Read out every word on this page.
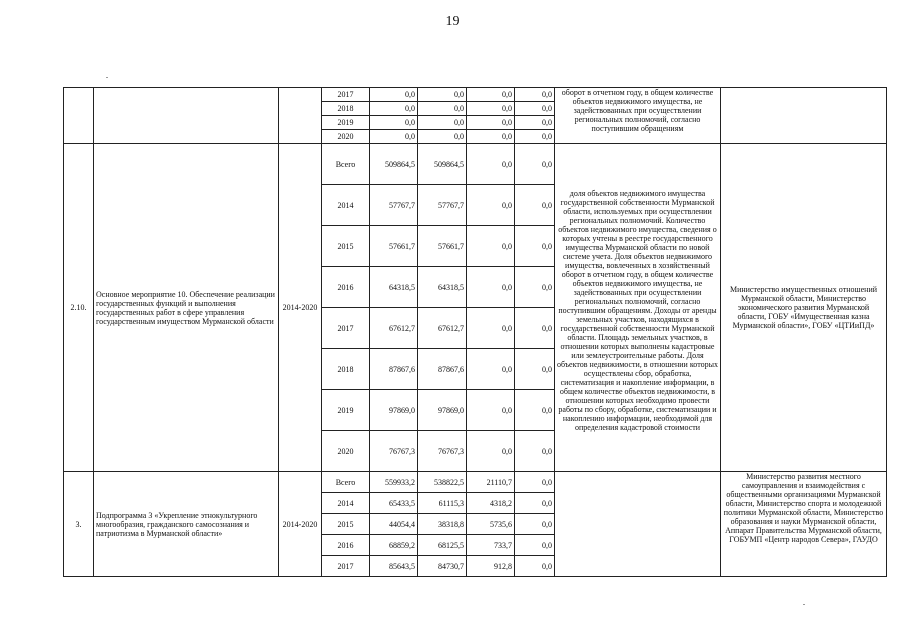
19
			2017	0,0	0,0	0,0	0,0	оборот в отчетном году, в общем количестве объектов недвижимого имущества, не задействованных при осуществлении региональных полномочий, согласно поступившим обращениям	
			2018	0,0	0,0	0,0	0,0		
			2019	0,0	0,0	0,0	0,0		
			2020	0,0	0,0	0,0	0,0		
2.10.	Основное мероприятие 10. Обеспечение реализации государственных функций и выполнения государственных работ в сфере управления государственным имуществом Мурманской области	2014-2020	Всего	509864,5	509864,5	0,0	0,0	доля объектов недвижимого имущества государственной собственности Мурманской области, используемых при осуществлении региональных полномочий. Количество объектов недвижимого имущества, сведения о которых учтены в реестре государственного имущества Мурманской области по новой системе учета. Доля объектов недвижимого имущества, вовлеченных в хозяйственный оборот в отчетном году, в общем количестве объектов недвижимого имущества, не задействованных при осуществлении региональных полномочий, согласно поступившим обращениям. Доходы от аренды земельных участков, находящихся в государственной собственности Мурманской области. Площадь земельных участков, в отношении которых выполнены кадастровые или землеустроительные работы. Доля объектов недвижимости, в отношении которых осуществлены сбор, обработка, систематизация и накопление информации, в общем количестве объектов недвижимости, в отношении которых необходимо провести работы по сбору, обработке, систематизации и накоплению информации, необходимой для определения кадастровой стоимости	Министерство имущественных отношений Мурманской области, Министерство экономического развития Мурманской области, ГОБУ «Имущественная казна Мурманской области», ГОБУ «ЦТИиПД»
			2014	57767,7	57767,7	0,0	0,0		
			2015	57661,7	57661,7	0,0	0,0		
			2016	64318,5	64318,5	0,0	0,0		
			2017	67612,7	67612,7	0,0	0,0		
			2018	87867,6	87867,6	0,0	0,0		
			2019	97869,0	97869,0	0,0	0,0		
			2020	76767,3	76767,3	0,0	0,0		
3.	Подпрограмма 3 «Укрепление этнокультурного многообразия, гражданского самосознания и патриотизма в Мурманской области»	2014-2020	Всего	559933,2	538822,5	21110,7	0,0		Министерство развития местного самоуправления и взаимодействия с общественными организациями Мурманской области, Министерство спорта и молодежной политики Мурманской области, Министерство образования и науки Мурманской области, Аппарат Правительства Мурманской области, ГОБУМП «Центр народов Севера», ГАУДО
			2014	65433,5	61115,3	4318,2	0,0		
			2015	44054,4	38318,8	5735,6	0,0		
			2016	68859,2	68125,5	733,7	0,0		
			2017	85643,5	84730,7	912,8	0,0		
